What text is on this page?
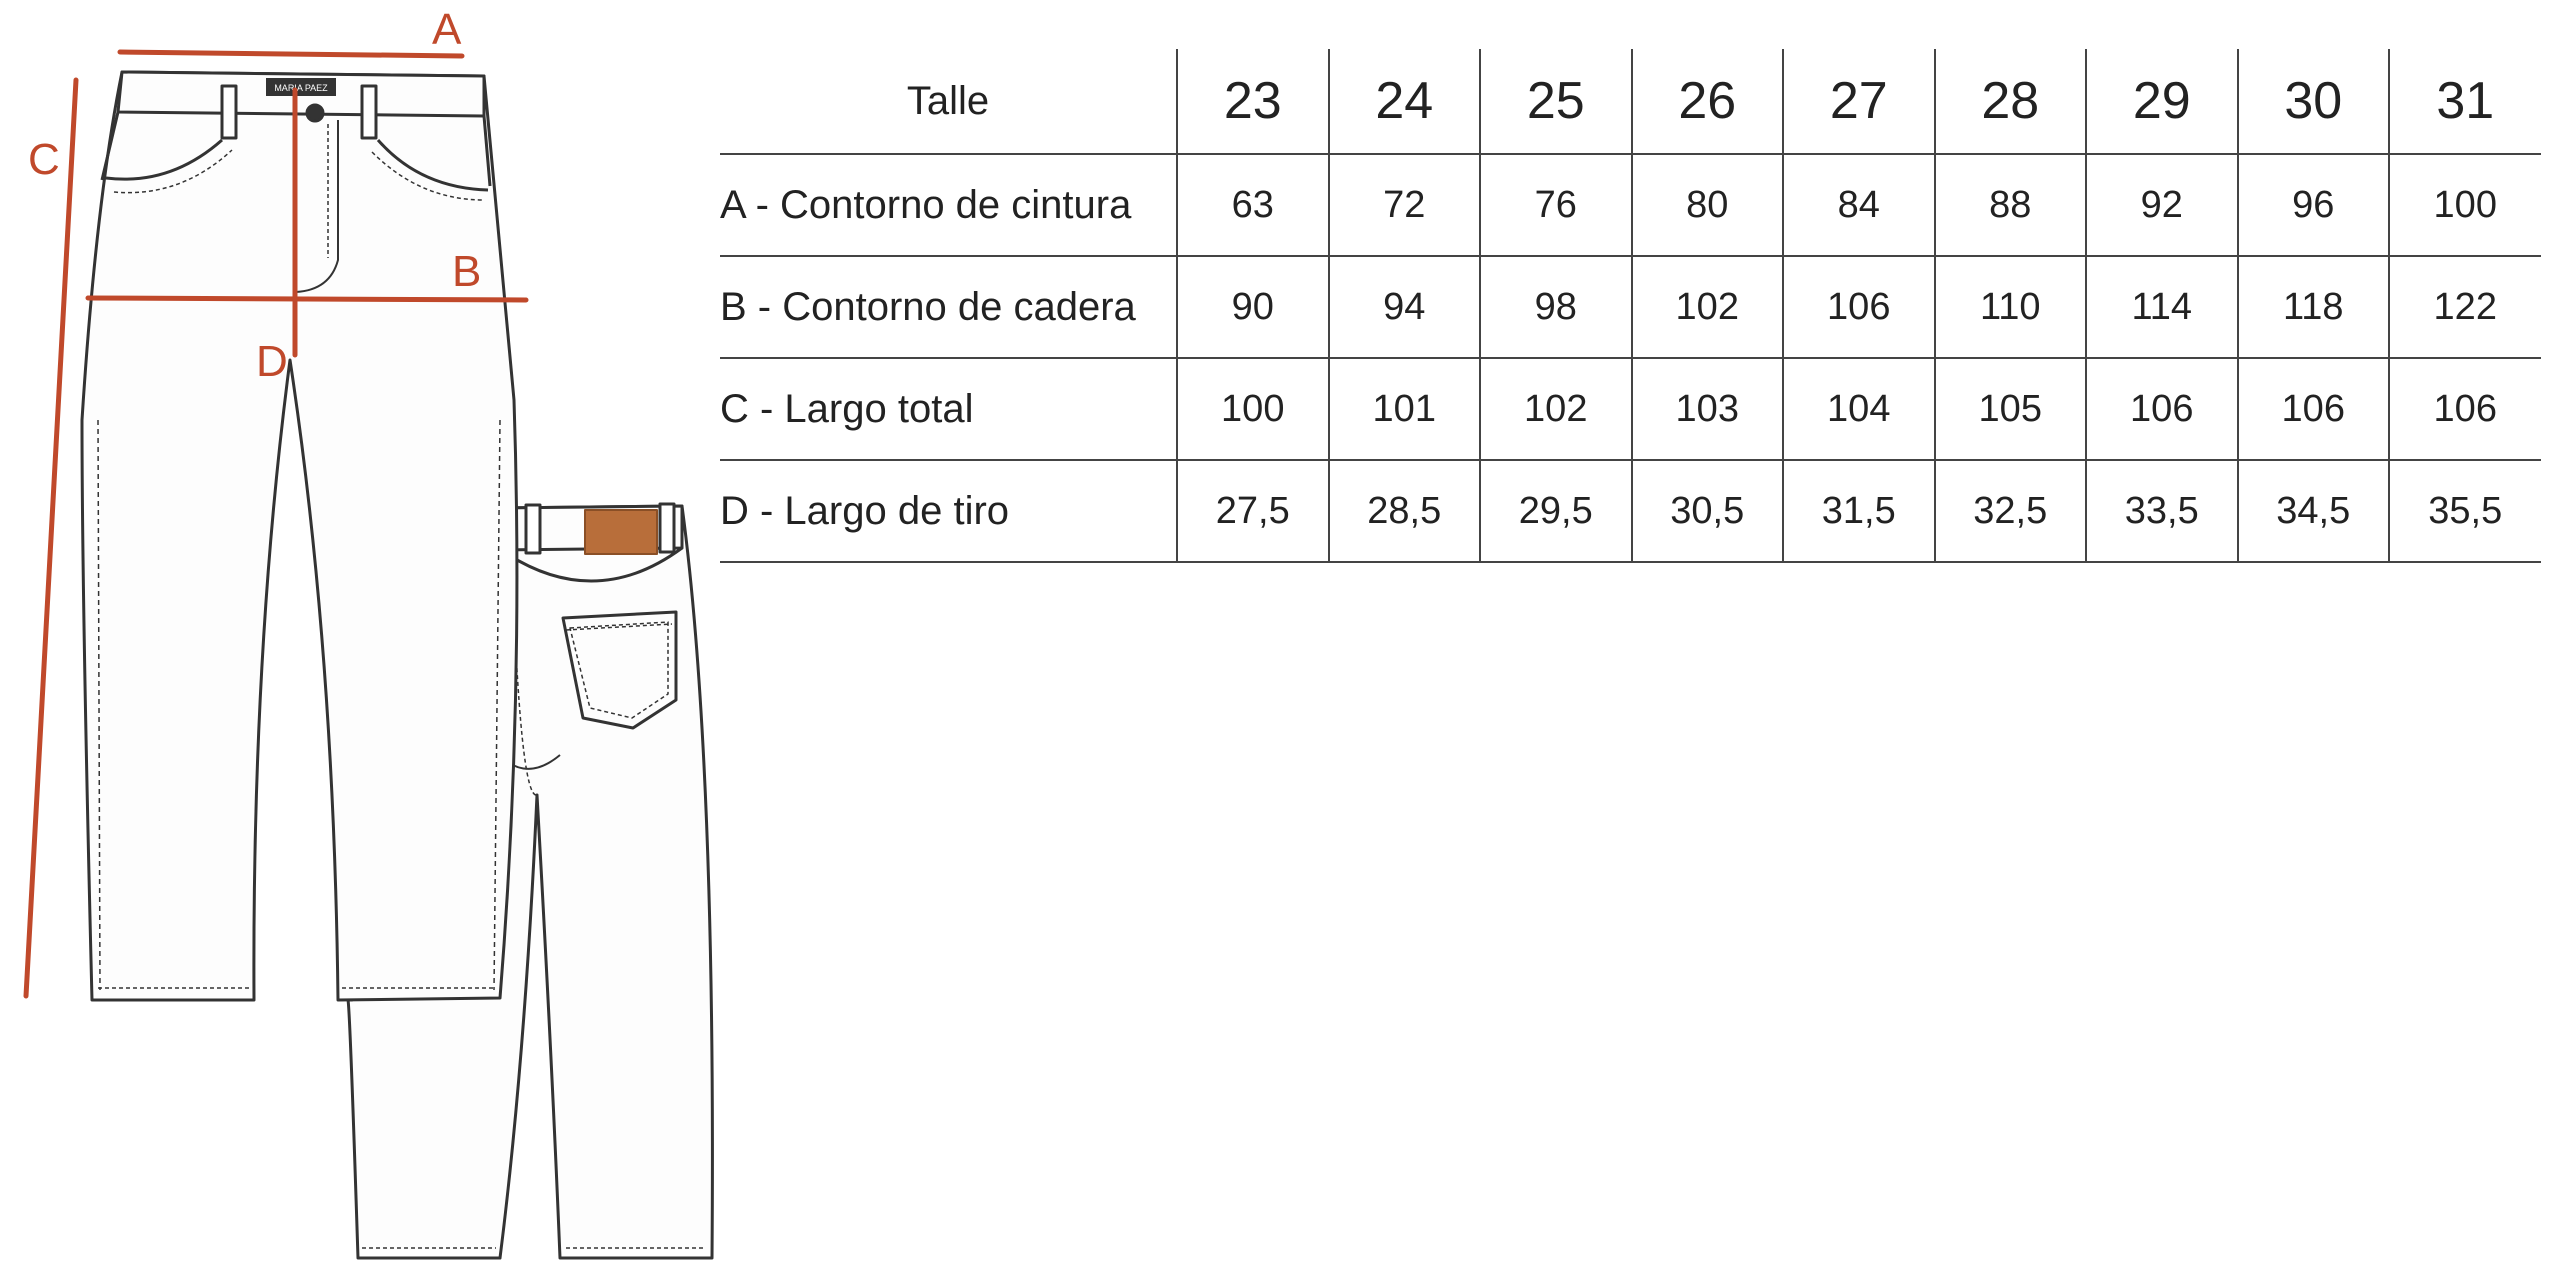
MARIA PAEZ
A
B
C
D
Talle	23	24	25	26	27	28	29	30	31
A - Contorno de cintura	63	72	76	80	84	88	92	96	100
B - Contorno de cadera	90	94	98	102	106	110	114	118	122
C - Largo total	100	101	102	103	104	105	106	106	106
D - Largo de tiro	27,5	28,5	29,5	30,5	31,5	32,5	33,5	34,5	35,5
